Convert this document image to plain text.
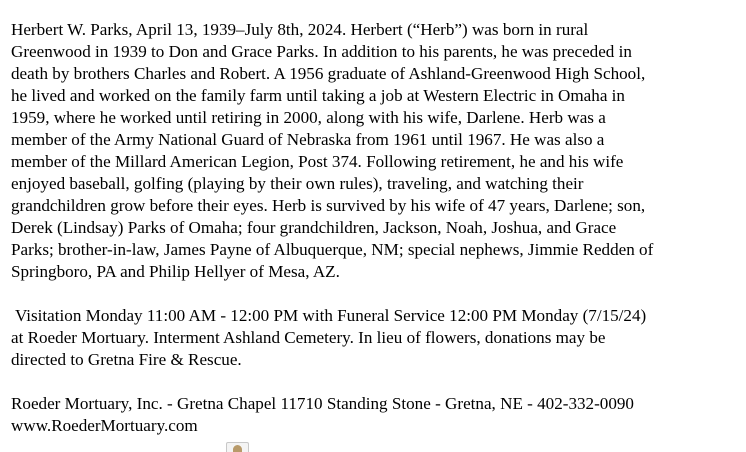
Herbert W. Parks, April 13, 1939–July 8th, 2024. Herbert (“Herb”) was born in rural
Greenwood in 1939 to Don and Grace Parks. In addition to his parents, he was preceded in
death by brothers Charles and Robert. A 1956 graduate of Ashland-Greenwood High School,
he lived and worked on the family farm until taking a job at Western Electric in Omaha in
1959, where he worked until retiring in 2000, along with his wife, Darlene. Herb was a
member of the Army National Guard of Nebraska from 1961 until 1967. He was also a
member of the Millard American Legion, Post 374. Following retirement, he and his wife
enjoyed baseball, golfing (playing by their own rules), traveling, and watching their
grandchildren grow before their eyes. Herb is survived by his wife of 47 years, Darlene; son,
Derek (Lindsay) Parks of Omaha; four grandchildren, Jackson, Noah, Joshua, and Grace
Parks; brother-in-law, James Payne of Albuquerque, NM; special nephews, Jimmie Redden of
Springboro, PA and Philip Hellyer of Mesa, AZ.

Visitation Monday 11:00 AM - 12:00 PM with Funeral Service 12:00 PM Monday (7/15/24)
at Roeder Mortuary. Interment Ashland Cemetery. In lieu of flowers, donations may be
directed to Gretna Fire & Rescue.

Roeder Mortuary, Inc. - Gretna Chapel 11710 Standing Stone - Gretna, NE - 402-332-0090
www.RoederMortuary.com
